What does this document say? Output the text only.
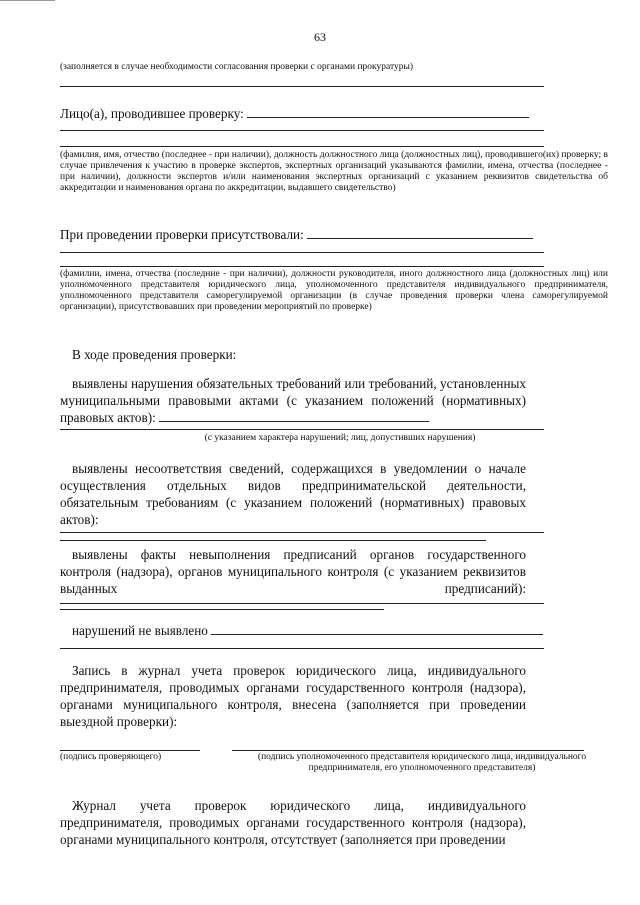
63
(заполняется в случае необходимости согласования проверки с органами прокуратуры)
Лицо(а), проводившее проверку:
(фамилия, имя, отчество (последнее - при наличии), должность должностного лица (должностных лиц), проводившего(их) проверку; в случае привлечения к участию в проверке экспертов, экспертных организаций указываются фамилии, имена, отчества (последнее - при наличии), должности экспертов и/или наименования экспертных организаций с указанием реквизитов свидетельства об аккредитации и наименования органа по аккредитации, выдавшего свидетельство)
При проведении проверки присутствовали:
(фамилии, имена, отчества (последние - при наличии), должности руководителя, иного должностного лица (должностных лиц) или уполномоченного представителя юридического лица, уполномоченного представителя индивидуального предпринимателя, уполномоченного представителя саморегулируемой организации (в случае проведения проверки члена саморегулируемой организации), присутствовавших при проведении мероприятий по проверке)
В ходе проведения проверки:
выявлены нарушения обязательных требований или требований, установленных муниципальными правовыми актами (с указанием положений (нормативных) правовых актов):
(с указанием характера нарушений; лиц, допустивших нарушения)
выявлены несоответствия сведений, содержащихся в уведомлении о начале осуществления отдельных видов предпринимательской деятельности, обязательным требованиям (с указанием положений (нормативных) правовых актов):
выявлены факты невыполнения предписаний органов государственного контроля (надзора), органов муниципального контроля (с указанием реквизитов выданных предписаний):
нарушений не выявлено
Запись в журнал учета проверок юридического лица, индивидуального предпринимателя, проводимых органами государственного контроля (надзора), органами муниципального контроля, внесена (заполняется при проведении выездной проверки):
(подпись проверяющего)	(подпись уполномоченного представителя юридического лица, индивидуального предпринимателя, его уполномоченного представителя)
Журнал учета проверок юридического лица, индивидуального предпринимателя, проводимых органами государственного контроля (надзора), органами муниципального контроля, отсутствует (заполняется при проведении
